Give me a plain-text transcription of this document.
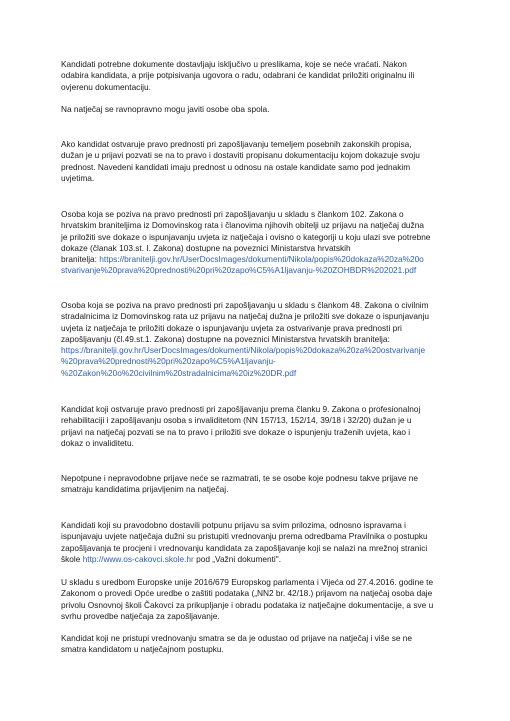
Kandidati potrebne dokumente dostavljaju isključivo u preslikama, koje se neće vraćati. Nakon
odabira kandidata, a prije potpisivanja ugovora o radu, odabrani će kandidat priložiti originalnu ili
ovjerenu dokumentaciju.

Na natječaj se ravnopravno mogu javiti osobe oba spola.

Ako kandidat ostvaruje pravo prednosti pri zapošljavanju temeljem posebnih zakonskih propisa,
dužan je u prijavi pozvati se na to pravo i dostaviti propisanu dokumentaciju kojom dokazuje svoju
prednost. Navedeni kandidati imaju prednost u odnosu na ostale kandidate samo pod jednakim
uvjetima.

Osoba koja se poziva na pravo prednosti pri zapošljavanju u skladu s člankom 102. Zakona o
hrvatskim braniteljima iz Domovinskog rata i članovima njihovih obitelji uz prijavu na natječaj dužna
je priložiti sve dokaze o ispunjavanju uvjeta iz natječaja i ovisno o kategoriji u koju ulazi sve potrebne
dokaze (članak 103.st. I. Zakona) dostupne na poveznici Ministarstva hrvatskih
branitelja: https://branitelji.gov.hr/UserDocsImages/dokumenti/Nikola/popis%20dokaza%20za%20o
stvarivanje%20prava%20prednosti%20pri%20zapo%C5%A1ljavanju-%20ZOHBDR%202021.pdf

Osoba koja se poziva na pravo prednosti pri zapošljavanju u skladu s člankom 48. Zakona o civilnim
stradalnicima iz Domovinskog rata uz prijavu na natječaj dužna je priložiti sve dokaze o ispunjavanju
uvjeta iz natječaja te priložiti dokaze o ispunjavanju uvjeta za ostvarivanje prava prednosti pri
zapošljavanju (čl.49.st.1. Zakona) dostupne na poveznici Ministarstva hrvatskih branitelja:
https://branitelji.gov.hr/UserDocsImages/dokumenti/Nikola/popis%20dokaza%20za%20ostvarivanje
%20prava%20prednosti%20pri%20zapo%C5%A1ljavanju-
%20Zakon%20o%20civilnim%20stradalnicima%20iz%20DR.pdf

Kandidat koji ostvaruje pravo prednosti pri zapošljavanju prema članku 9. Zakona o profesionalnoj
rehabilitaciji i zapošljavanju osoba s invaliditetom (NN 157/13, 152/14, 39/18 i 32/20) dužan je u
prijavi na natječaj pozvati se na to pravo i priložiti sve dokaze o ispunjenju traženih uvjeta, kao i
dokaz o invaliditetu.

Nepotpune i nepravodobne prijave neće se razmatrati, te se osobe koje podnesu takve prijave ne
smatraju kandidatima prijavljenim na natječaj.

Kandidati koji su pravodobno dostavili potpunu prijavu sa svim prilozima, odnosno ispravama i
ispunjavaju uvjete natječaja dužni su pristupiti vrednovanju prema odredbama Pravilnika o postupku
zapošljavanja te procjeni i vrednovanju kandidata za zapošljavanje koji se nalazi na mrežnoj stranici
škole http://www.os-cakovci.skole.hr pod „Važni dokumenti".

U skladu s uredbom Europske unije 2016/679 Europskog parlamenta i Vijeća od 27.4.2016. godine te
Zakonom o provedi Opće uredbe o zaštiti podataka („NN2 br. 42/18.) prijavom na natječaj osoba daje
privolu Osnovnoj školi Čakovci za prikupljanje i obradu podataka iz natječajne dokumentacije, a sve u
svrhu provedbe natječaja za zapošljavanje.

Kandidat koji ne pristupi vrednovanju smatra se da je odustao od prijave na natječaj i više se ne
smatra kandidatom u natječajnom postupku.
